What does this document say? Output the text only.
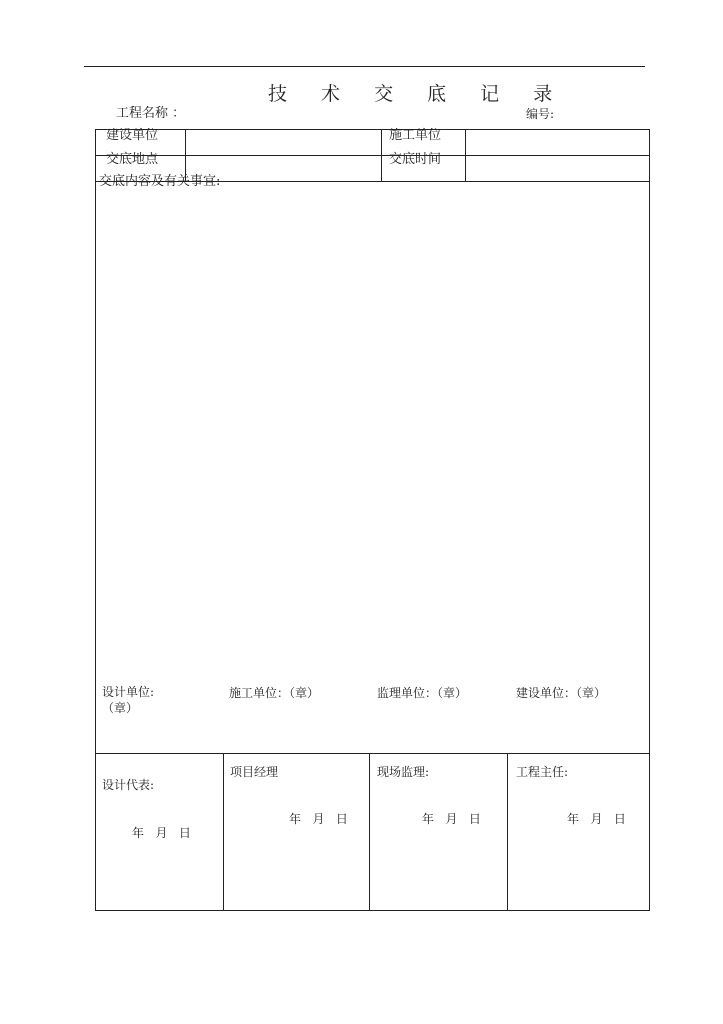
技 术 交 底 记 录
工程名称 ：	编号:
建设单位	施工单位
交底地点	交底时间
交底内容及有关事宜:
设计单位:
（章）
施工单位：（章）	监理单位：（章）	建设单位：（章）
设计代表:
年   月   日
项目经理
年   月   日
现场监理:
年   月   日
工程主任:
年   月   日
